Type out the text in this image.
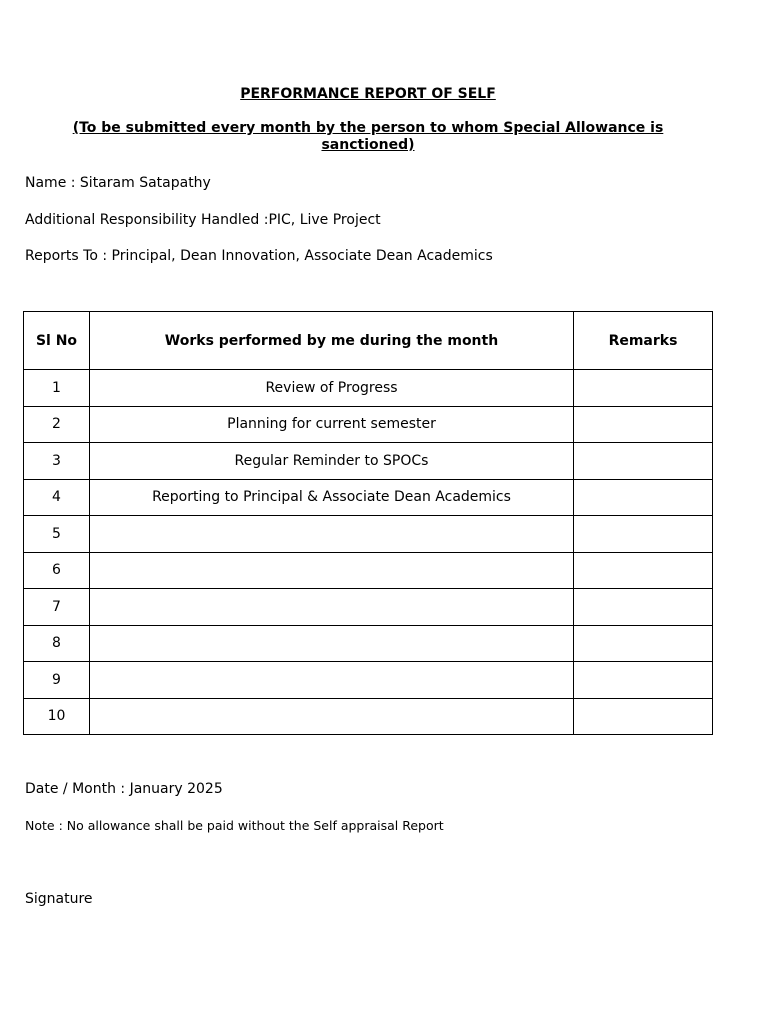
PERFORMANCE REPORT OF SELF
(To be submitted every month by the person to whom Special Allowance is sanctioned)
Name : Sitaram Satapathy
Additional Responsibility Handled :PIC, Live Project
Reports To : Principal, Dean Innovation, Associate Dean Academics
Sl No	Works performed by me during the month	Remarks
1	Review of Progress	
2	Planning for current semester	
3	Regular Reminder to SPOCs	
4	Reporting to Principal & Associate Dean Academics	
5		
6		
7		
8		
9		
10		
Date / Month : January 2025
Note : No allowance shall be paid without the Self appraisal Report
Signature
